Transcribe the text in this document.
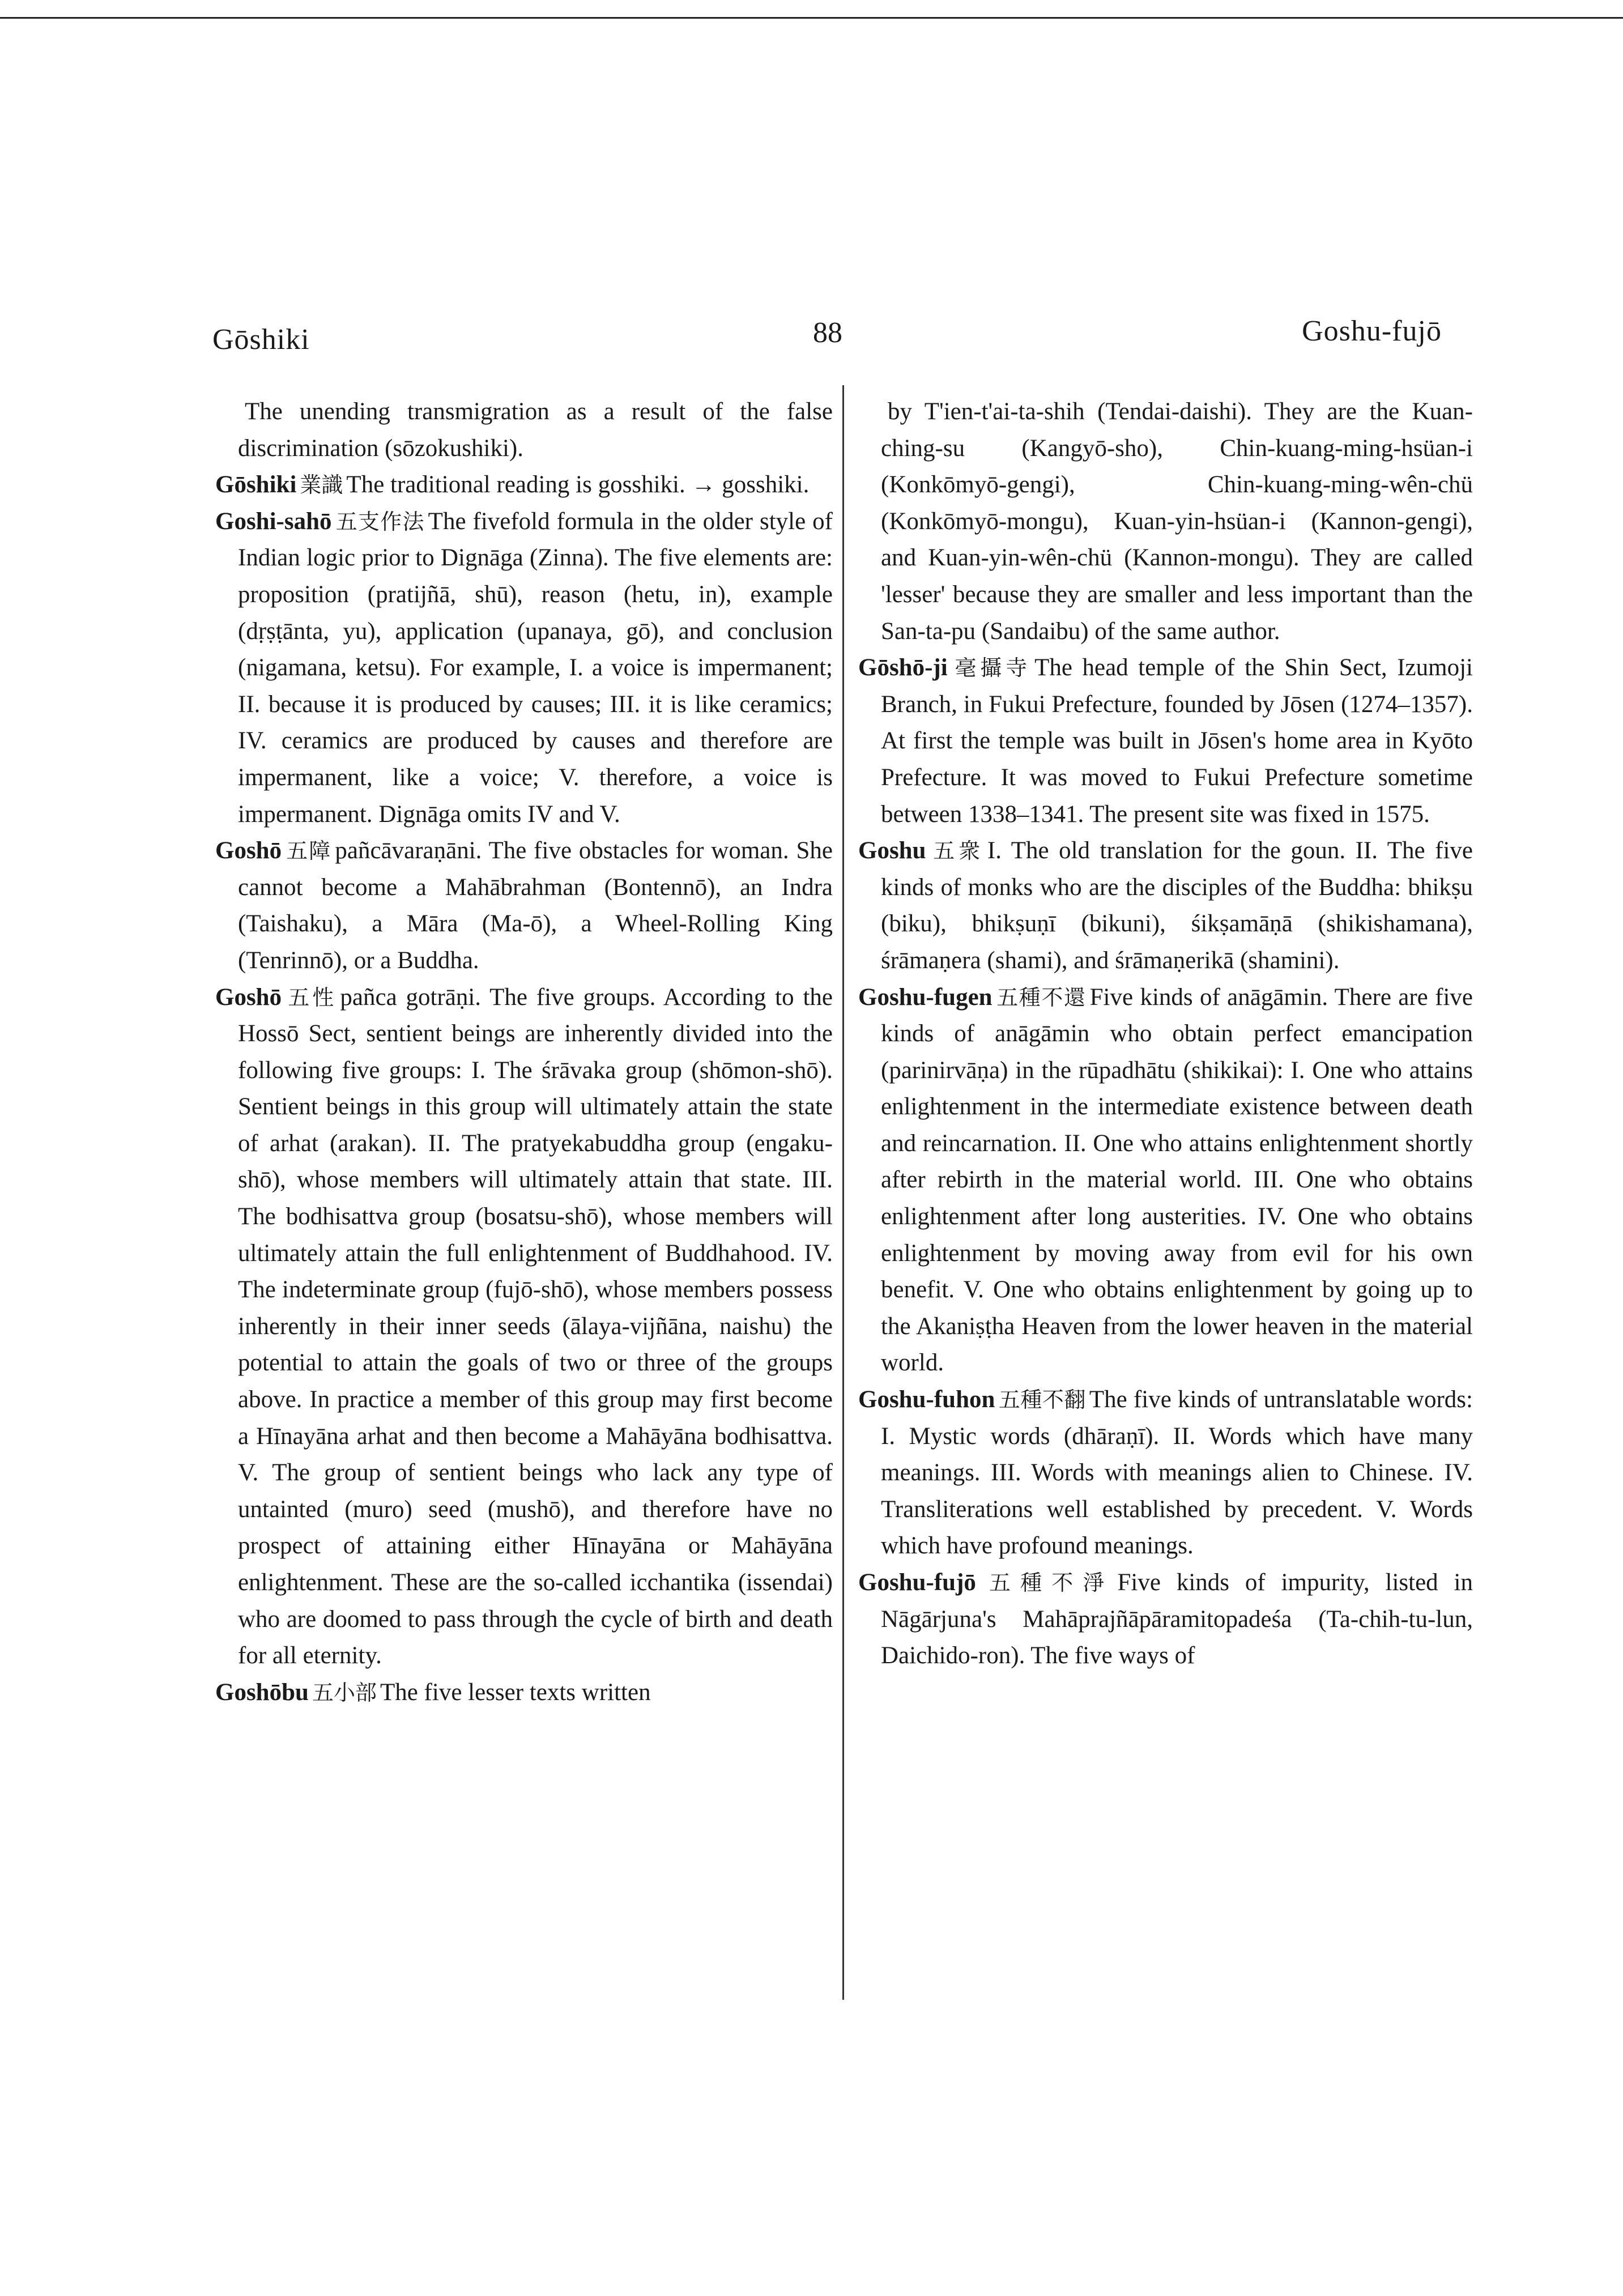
Gōshiki	88	Goshu-fujō

The unending transmigration as a result of the false discrimination (sōzokushiki).

Gōshiki 業識 The traditional reading is gosshiki. → gosshiki.

Goshi-sahō 五支作法 The fivefold formula in the older style of Indian logic prior to Dignāga (Zinna). The five elements are: proposition (pratijñā, shū), reason (hetu, in), example (dṛṣṭānta, yu), application (upanaya, gō), and conclusion (nigamana, ketsu). For example, I. a voice is impermanent; II. because it is produced by causes; III. it is like ceramics; IV. ceramics are produced by causes and therefore are impermanent, like a voice; V. therefore, a voice is impermanent. Dignāga omits IV and V.

Goshō 五障 pañcāvaraṇāni. The five obstacles for woman. She cannot become a Mahābrahman (Bontennō), an Indra (Taishaku), a Māra (Ma-ō), a Wheel-Rolling King (Tenrinnō), or a Buddha.

Goshō 五性 pañca gotrāṇi. The five groups. According to the Hossō Sect, sentient beings are inherently divided into the following five groups: I. The śrāvaka group (shōmon-shō). Sentient beings in this group will ultimately attain the state of arhat (arakan). II. The pratyekabuddha group (engaku-shō), whose members will ultimately attain that state. III. The bodhisattva group (bosatsu-shō), whose members will ultimately attain the full enlightenment of Buddhahood. IV. The indeterminate group (fujō-shō), whose members possess inherently in their inner seeds (ālaya-vijñāna, naishu) the potential to attain the goals of two or three of the groups above. In practice a member of this group may first become a Hīnayāna arhat and then become a Mahāyāna bodhisattva. V. The group of sentient beings who lack any type of untainted (muro) seed (mushō), and therefore have no prospect of attaining either Hīnayāna or Mahāyāna enlightenment. These are the so-called icchantika (issendai) who are doomed to pass through the cycle of birth and death for all eternity.

Goshōbu 五小部 The five lesser texts written

by T'ien-t'ai-ta-shih (Tendai-daishi). They are the Kuan-ching-su (Kangyō-sho), Chin-kuang-ming-hsüan-i (Konkōmyō-gengi), Chin-kuang-ming-wên-chü (Konkōmyō-mongu), Kuan-yin-hsüan-i (Kannon-gengi), and Kuan-yin-wên-chü (Kannon-mongu). They are called 'lesser' because they are smaller and less important than the San-ta-pu (Sandaibu) of the same author.

Gōshō-ji 毫攝寺 The head temple of the Shin Sect, Izumoji Branch, in Fukui Prefecture, founded by Jōsen (1274–1357). At first the temple was built in Jōsen's home area in Kyōto Prefecture. It was moved to Fukui Prefecture sometime between 1338–1341. The present site was fixed in 1575.

Goshu 五衆 I. The old translation for the goun. II. The five kinds of monks who are the disciples of the Buddha: bhikṣu (biku), bhikṣuṇī (bikuni), śikṣamāṇā (shikishamana), śrāmaṇera (shami), and śrāmaṇerikā (shamini).

Goshu-fugen 五種不還 Five kinds of anāgāmin. There are five kinds of anāgāmin who obtain perfect emancipation (parinirvāṇa) in the rūpadhātu (shikikai): I. One who attains enlightenment in the intermediate existence between death and reincarnation. II. One who attains enlightenment shortly after rebirth in the material world. III. One who obtains enlightenment after long austerities. IV. One who obtains enlightenment by moving away from evil for his own benefit. V. One who obtains enlightenment by going up to the Akaniṣṭha Heaven from the lower heaven in the material world.

Goshu-fuhon 五種不翻 The five kinds of untranslatable words: I. Mystic words (dhāraṇī). II. Words which have many meanings. III. Words with meanings alien to Chinese. IV. Transliterations well established by precedent. V. Words which have profound meanings.

Goshu-fujō 五種不淨 Five kinds of impurity, listed in Nāgārjuna's Mahāprajñāpāramitopadeśa (Ta-chih-tu-lun, Daichido-ron). The five ways of
